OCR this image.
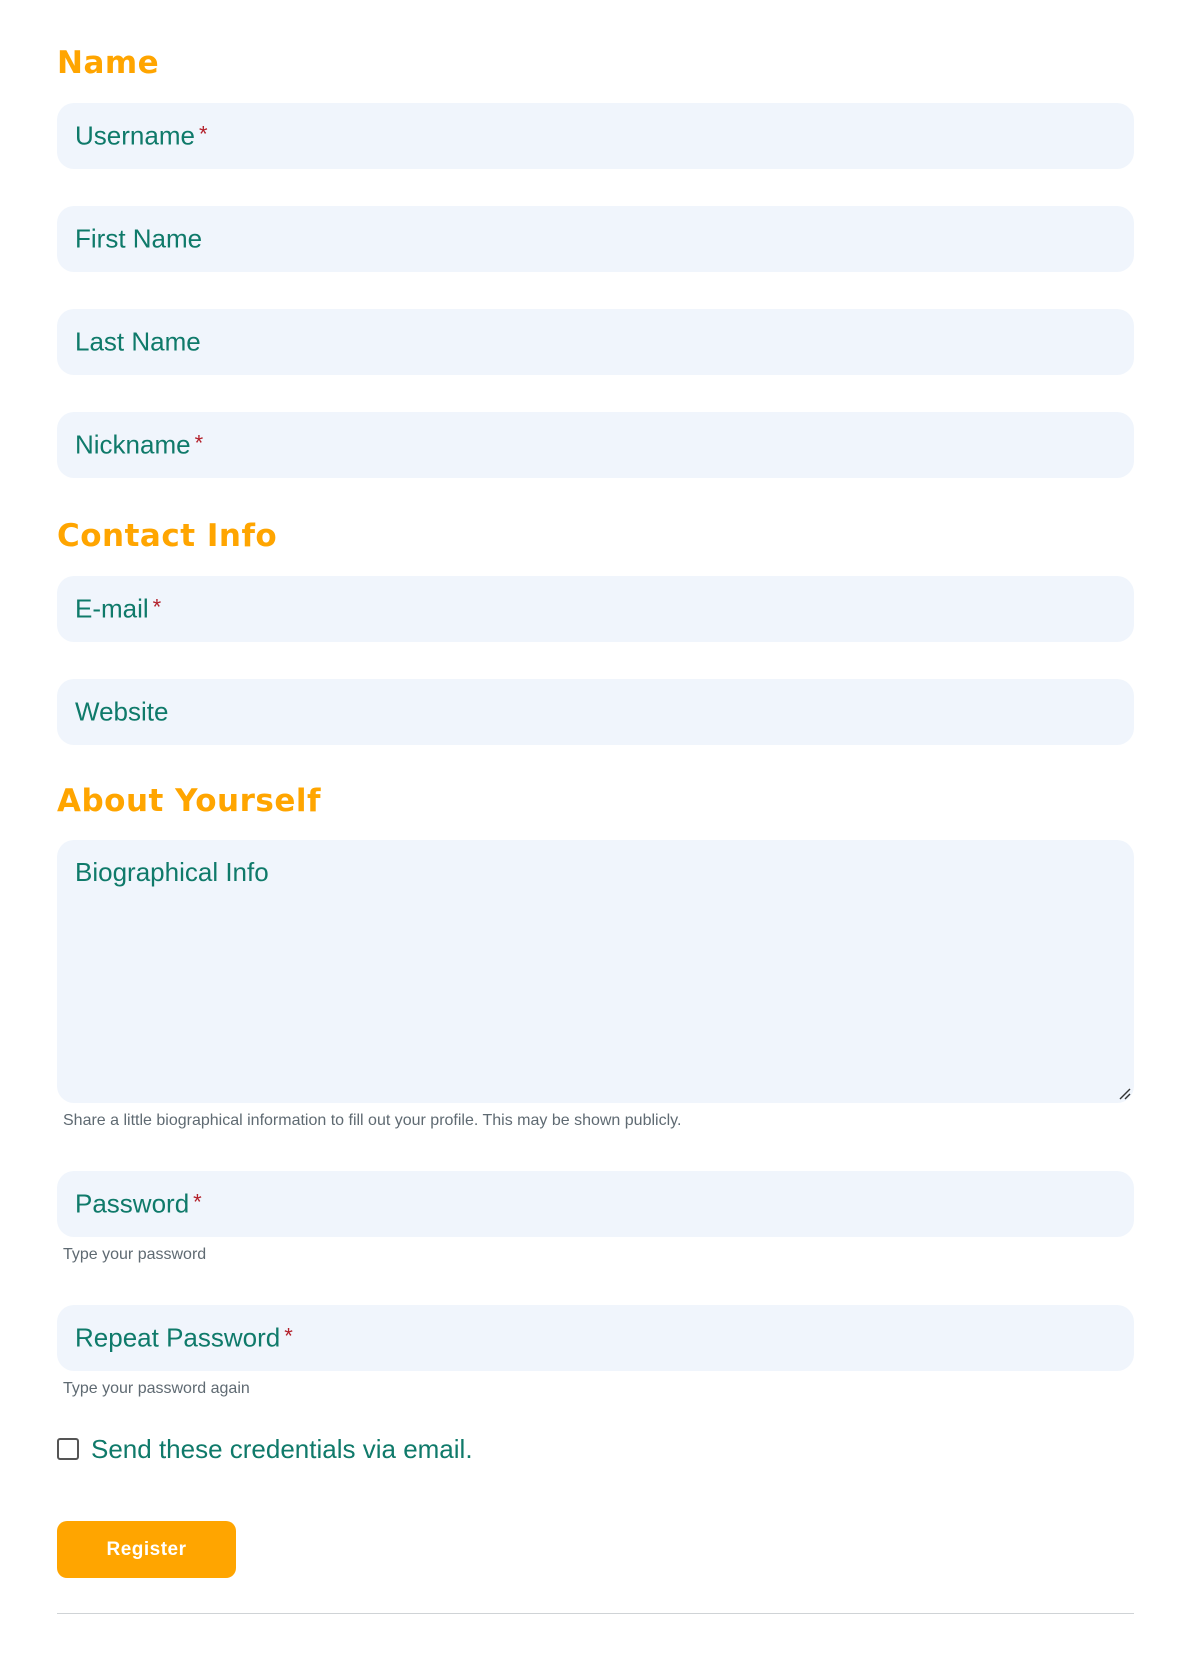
Name
Username *
First Name
Last Name
Nickname *
Contact Info
E-mail *
Website
About Yourself
Biographical Info
Share a little biographical information to fill out your profile. This may be shown publicly.
Password *
Type your password
Repeat Password *
Type your password again
Send these credentials via email.
Register
